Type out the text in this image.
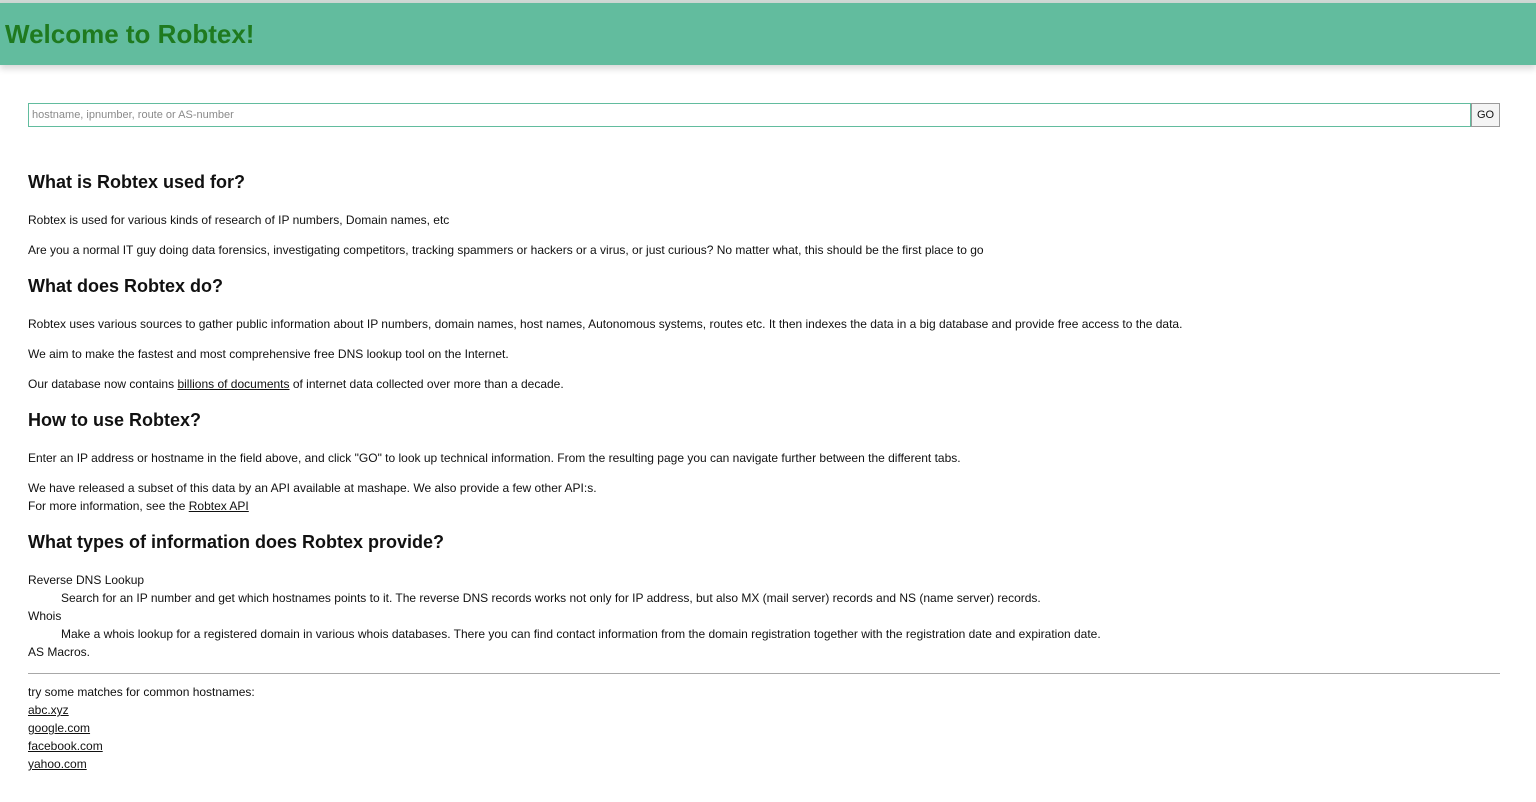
Welcome to Robtex!
hostname, ipnumber, route or AS-number
GO
What is Robtex used for?

Robtex is used for various kinds of research of IP numbers, Domain names, etc

Are you a normal IT guy doing data forensics, investigating competitors, tracking spammers or hackers or a virus, or just curious? No matter what, this should be the first place to go

What does Robtex do?

Robtex uses various sources to gather public information about IP numbers, domain names, host names, Autonomous systems, routes etc. It then indexes the data in a big database and provide free access to the data.

We aim to make the fastest and most comprehensive free DNS lookup tool on the Internet.

Our database now contains billions of documents of internet data collected over more than a decade.

How to use Robtex?

Enter an IP address or hostname in the field above, and click "GO" to look up technical information. From the resulting page you can navigate further between the different tabs.

We have released a subset of this data by an API available at mashape. We also provide a few other API:s.
For more information, see the Robtex API

What types of information does Robtex provide?
Reverse DNS Lookup
Search for an IP number and get which hostnames points to it. The reverse DNS records works not only for IP address, but also MX (mail server) records and NS (name server) records.
Whois
Make a whois lookup for a registered domain in various whois databases. There you can find contact information from the domain registration together with the registration date and expiration date.
AS Macros.
try some matches for common hostnames:
abc.xyz
google.com
facebook.com
yahoo.com
